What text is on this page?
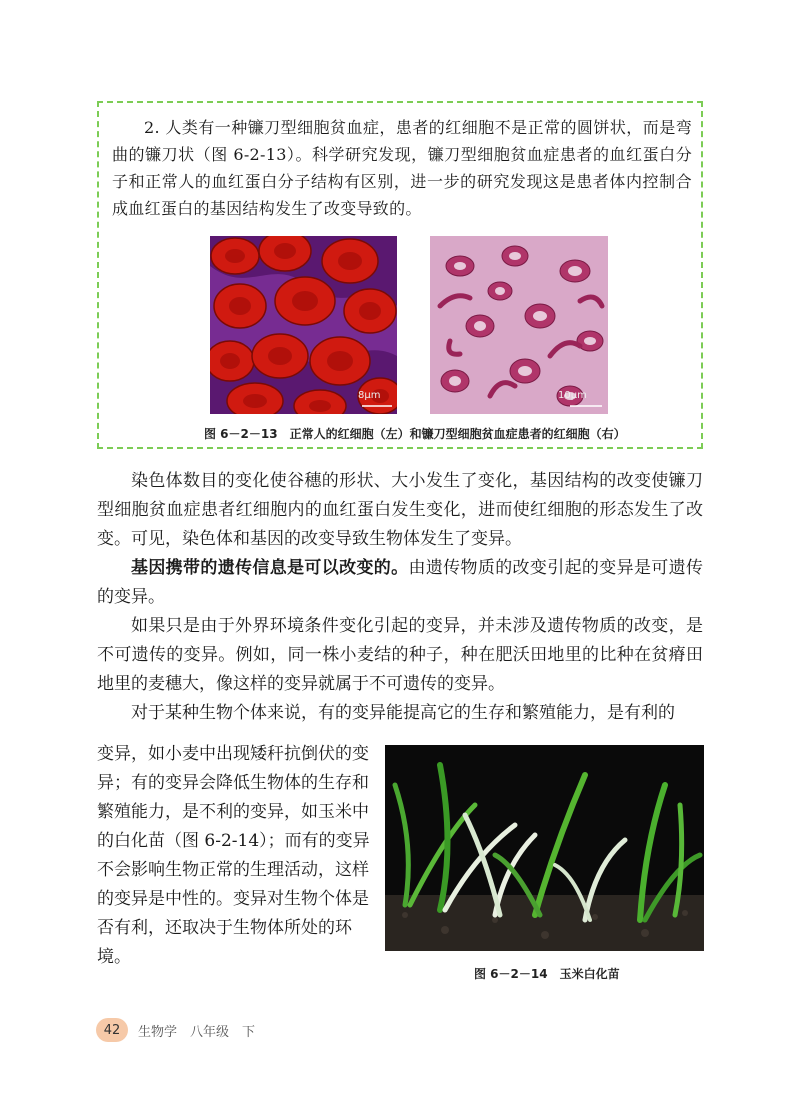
2. 人类有一种镰刀型细胞贫血症，患者的红细胞不是正常的圆饼状，而是弯曲的镰刀状（图 6-2-13）。科学研究发现，镰刀型细胞贫血症患者的血红蛋白分子和正常人的血红蛋白分子结构有区别，进一步的研究发现这是患者体内控制合成血红蛋白的基因结构发生了改变导致的。

8μm	10μm
图 6－2－13　正常人的红细胞（左）和镰刀型细胞贫血症患者的红细胞（右）

染色体数目的变化使谷穗的形状、大小发生了变化，基因结构的改变使镰刀型细胞贫血症患者红细胞内的血红蛋白发生变化，进而使红细胞的形态发生了改变。可见，染色体和基因的改变导致生物体发生了变异。

基因携带的遗传信息是可以改变的。由遗传物质的改变引起的变异是可遗传的变异。

如果只是由于外界环境条件变化引起的变异，并未涉及遗传物质的改变，是不可遗传的变异。例如，同一株小麦结的种子，种在肥沃田地里的比种在贫瘠田地里的麦穗大，像这样的变异就属于不可遗传的变异。

对于某种生物个体来说，有的变异能提高它的生存和繁殖能力，是有利的

变异，如小麦中出现矮秆抗倒伏的变异；有的变异会降低生物体的生存和繁殖能力，是不利的变异，如玉米中的白化苗（图 6-2-14）；而有的变异不会影响生物正常的生理活动，这样的变异是中性的。变异对生物个体是否有利，还取决于生物体所处的环境。

图 6－2－14　玉米白化苗
42	生物学　八年级　下
